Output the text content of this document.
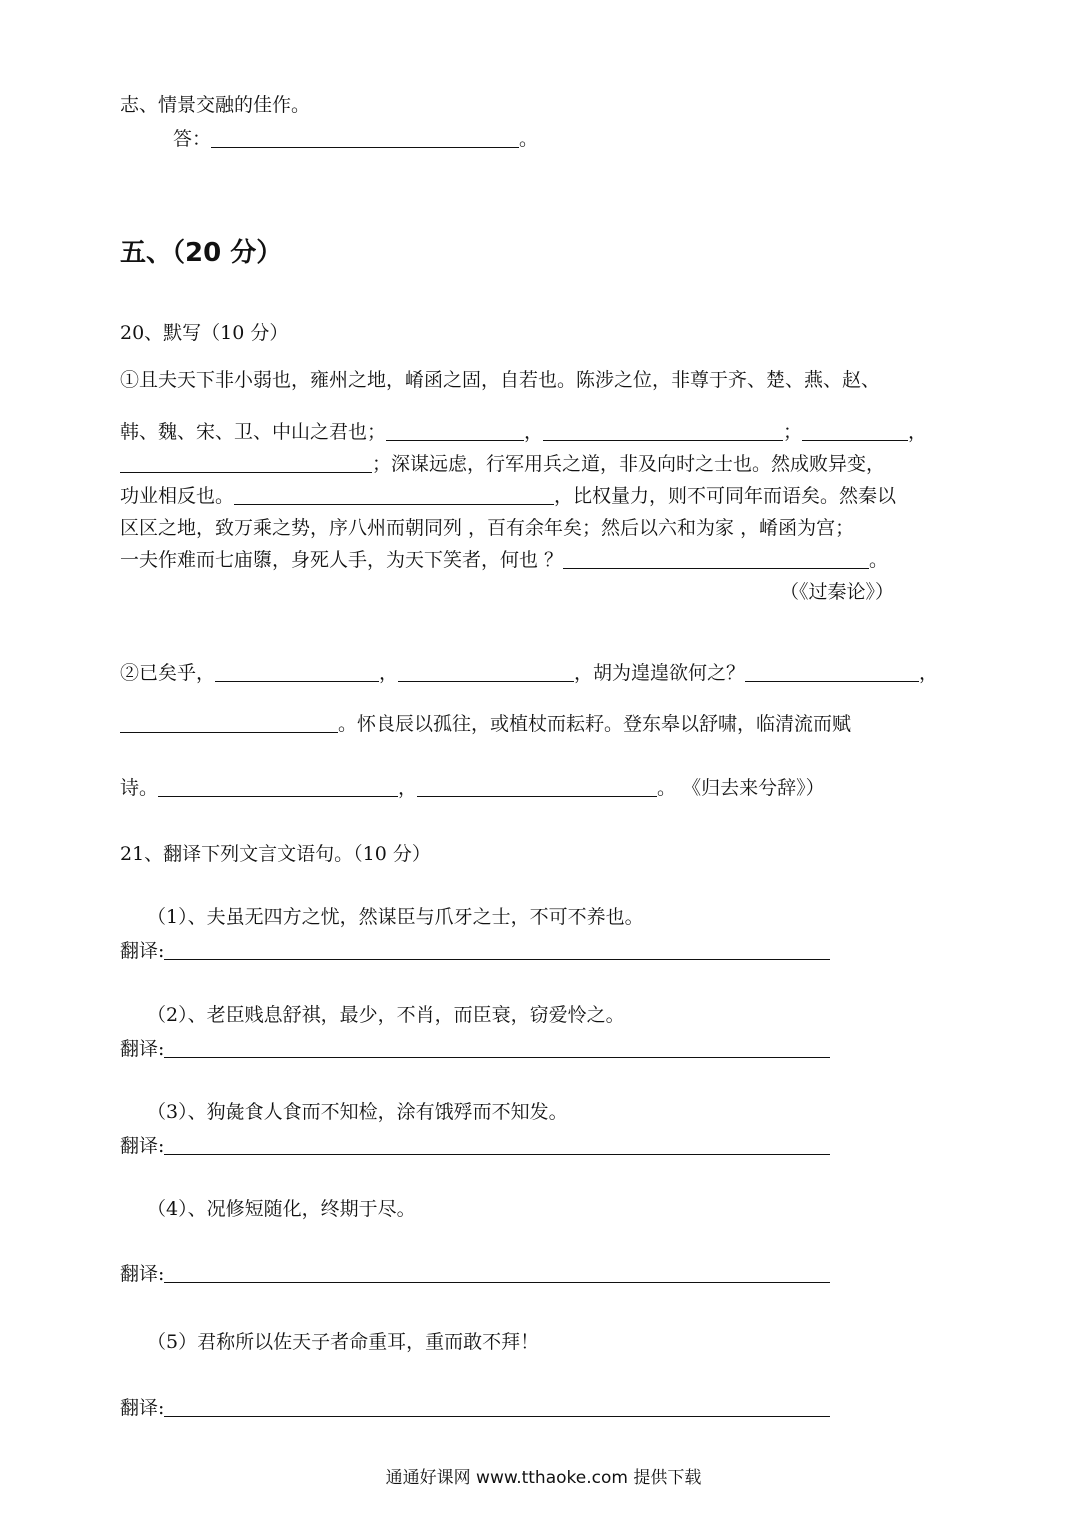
志、情景交融的佳作。
答：	。
五、（20 分）
20、默写（10 分）
①且夫天下非小弱也，雍州之地，崤函之固，自若也。陈涉之位，非尊于齐、楚、燕、赵、
韩、魏、宋、卫、中山之君也；	，	；	，
；深谋远虑，行军用兵之道，非及向时之士也。然成败异变，
功业相反也。	，比权量力，则不可同年而语矣。然秦以
区区之地，致万乘之势，序八州而朝同列 ，百有余年矣；然后以六和为家 ，崤函为宫；
一夫作难而七庙隳，身死人手，为天下笑者，何也 ？	。
（《过秦论》）
②已矣乎，	，	，胡为遑遑欲何之？	，
。怀良辰以孤往，或植杖而耘耔。登东皋以舒啸，临清流而赋
诗。	，	。 《归去来兮辞》）
21、翻译下列文言文语句。（10 分）
（1）、夫虽无四方之忧，然谋臣与爪牙之士，不可不养也。
翻译:
（2）、老臣贱息舒祺，最少，不肖，而臣衰，窃爱怜之。
翻译:
（3）、狗彘食人食而不知检，涂有饿殍而不知发。
翻译:
（4）、况修短随化，终期于尽。
翻译:
（5）君称所以佐天子者命重耳，重而敢不拜！
翻译:
通通好课网 www.tthaoke.com 提供下载
